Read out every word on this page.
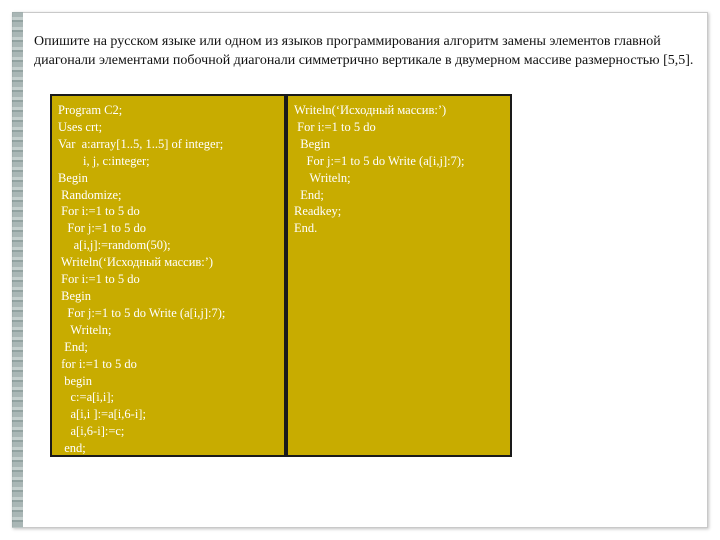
Опишите на русском языке или одном из языков программирования алгоритм замены элементов главной диагонали элементами побочной диагонали симметрично вертикале в двумерном массиве размерностью [5,5].

Program C2;
Uses crt;
Var  a:array[1..5, 1..5] of integer;
i, j, c:integer;
Begin
Randomize;
For i:=1 to 5 do
For j:=1 to 5 do
a[i,j]:=random(50);
Writeln(‘Исходный массив:’)
For i:=1 to 5 do
Begin
For j:=1 to 5 do Write (a[i,j]:7);
Writeln;
End;
for i:=1 to 5 do
begin
c:=a[i,i];
a[i,i ]:=a[i,6-i];
a[i,6-i]:=c;
end;
Writeln(‘Исходный массив:’)
For i:=1 to 5 do
Begin
For j:=1 to 5 do Write (a[i,j]:7);
Writeln;
End;
Readkey;
End.
